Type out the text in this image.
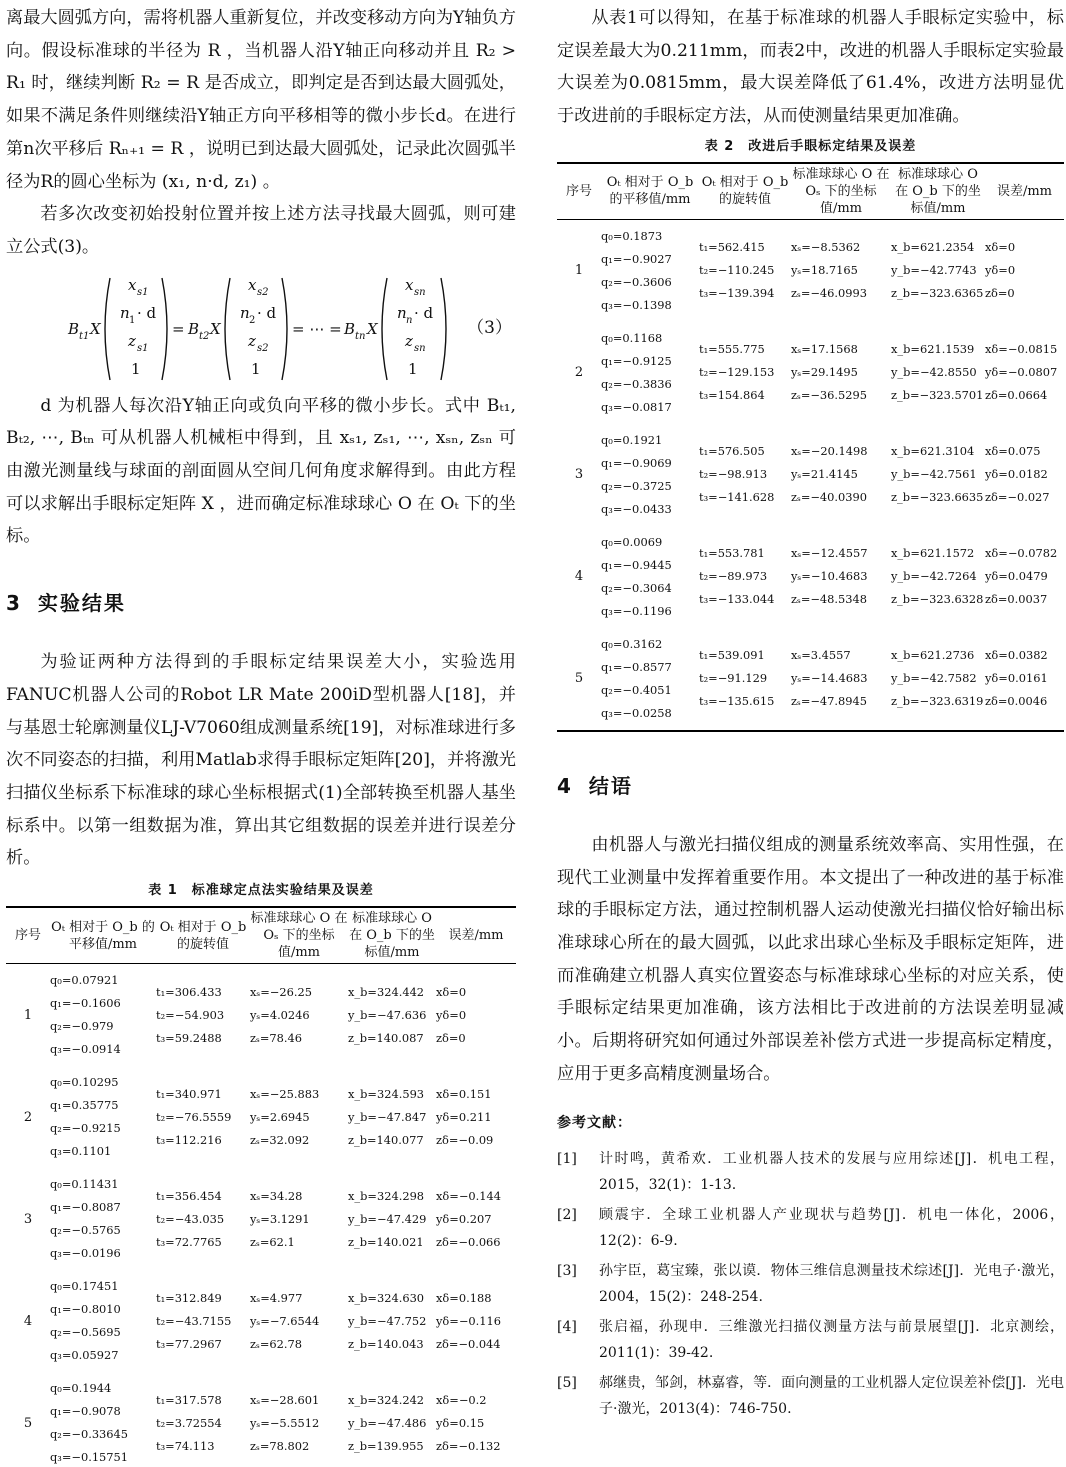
离最大圆弧方向，需将机器人重新复位，并改变移动方向为Y轴负方向。假设标准球的半径为 R ，当机器人沿Y轴正向移动并且 R₂ > R₁ 时，继续判断 R₂ = R 是否成立，即判定是否到达最大圆弧处，如果不满足条件则继续沿Y轴正方向平移相等的微小步长d。在进行第n次平移后 Rₙ₊₁ = R ，说明已到达最大圆弧处，记录此次圆弧半径为R的圆心坐标为 (x₁, n·d, z₁) 。

若多次改变初始投射位置并按上述方法寻找最大圆弧，则可建立公式(3)。

B t1 X
x s1
n 1 · d
z s1
1
= B t2 X
x s2
n 2 · d
z s2
1
= ⋯ = B tn X
x sn
n n · d
z sn
1
（3）

d 为机器人每次沿Y轴正向或负向平移的微小步长。式中 Bₜ₁, Bₜ₂, ⋯, Bₜₙ 可从机器人机械柜中得到，且 xₛ₁, zₛ₁, ⋯, xₛₙ, zₛₙ 可由激光测量线与球面的剖面圆从空间几何角度求解得到。由此方程可以求解出手眼标定矩阵 X ，进而确定标准球球心 O 在 Oₜ 下的坐标。

3 实验结果

为验证两种方法得到的手眼标定结果误差大小，实验选用FANUC机器人公司的Robot LR Mate 200iD型机器人[18]，并与基恩士轮廓测量仪LJ-V7060组成测量系统[19]，对标准球进行多次不同姿态的扫描，利用Matlab求得手眼标定矩阵[20]，并将激光扫描仪坐标系下标准球的球心坐标根据式(1)全部转换至机器人基坐标系中。以第一组数据为准，算出其它组数据的误差并进行误差分析。

表 1 标准球定点法实验结果及误差
序号	Oₜ 相对于 O_b 的平移值/mm	Oₜ 相对于 O_b 的旋转值	标准球球心 O 在 Oₛ 下的坐标值/mm	标准球球心 O 在 O_b 下的坐标值/mm	误差/mm
1	q₀=0.07921
q₁=−0.1606
q₂=−0.979
q₃=−0.0914	t₁=306.433
t₂=−54.903
t₃=59.2488	xₛ=−26.25
yₛ=4.0246
zₛ=78.46	x_b=324.442
y_b=−47.636
z_b=140.087	xδ=0
yδ=0
zδ=0

2	q₀=0.10295
q₁=0.35775
q₂=−0.9215
q₃=0.1101	t₁=340.971
t₂=−76.5559
t₃=112.216	xₛ=−25.883
yₛ=2.6945
zₛ=32.092	x_b=324.593
y_b=−47.847
z_b=140.077	xδ=0.151
yδ=0.211
zδ=−0.09

3	q₀=0.11431
q₁=−0.8087
q₂=−0.5765
q₃=−0.0196	t₁=356.454
t₂=−43.035
t₃=72.7765	xₛ=34.28
yₛ=3.1291
zₛ=62.1	x_b=324.298
y_b=−47.429
z_b=140.021	xδ=−0.144
yδ=0.207
zδ=−0.066

4	q₀=0.17451
q₁=−0.8010
q₂=−0.5695
q₃=0.05927	t₁=312.849
t₂=−43.7155
t₃=77.2967	xₛ=4.977
yₛ=−7.6544
zₛ=62.78	x_b=324.630
y_b=−47.752
z_b=140.043	xδ=0.188
yδ=−0.116
zδ=−0.044

5	q₀=0.1944
q₁=−0.9078
q₂=−0.33645
q₃=−0.15751	t₁=317.578
t₂=3.72554
t₃=74.113	xₛ=−28.601
yₛ=−5.5512
zₛ=78.802	x_b=324.242
y_b=−47.486
z_b=139.955	xδ=−0.2
yδ=0.15
zδ=−0.132

从表1可以得知，在基于标准球的机器人手眼标定实验中，标定误差最大为0.211mm，而表2中，改进的机器人手眼标定实验最大误差为0.0815mm，最大误差降低了61.4%，改进方法明显优于改进前的手眼标定方法，从而使测量结果更加准确。

表 2 改进后手眼标定结果及误差
序号	Oₜ 相对于 O_b 的平移值/mm	Oₜ 相对于 O_b 的旋转值	标准球球心 O 在 Oₛ 下的坐标值/mm	标准球球心 O 在 O_b 下的坐标值/mm	误差/mm
1	q₀=0.1873
q₁=−0.9027
q₂=−0.3606
q₃=−0.1398	t₁=562.415
t₂=−110.245
t₃=−139.394	xₛ=−8.5362
yₛ=18.7165
zₛ=−46.0993	x_b=621.2354
y_b=−42.7743
z_b=−323.6365	xδ=0
yδ=0
zδ=0

2	q₀=0.1168
q₁=−0.9125
q₂=−0.3836
q₃=−0.0817	t₁=555.775
t₂=−129.153
t₃=154.864	xₛ=17.1568
yₛ=29.1495
zₛ=−36.5295	x_b=621.1539
y_b=−42.8550
z_b=−323.5701	xδ=−0.0815
yδ=−0.0807
zδ=0.0664

3	q₀=0.1921
q₁=−0.9069
q₂=−0.3725
q₃=−0.0433	t₁=576.505
t₂=−98.913
t₃=−141.628	xₛ=−20.1498
yₛ=21.4145
zₛ=−40.0390	x_b=621.3104
y_b=−42.7561
z_b=−323.6635	xδ=0.075
yδ=0.0182
zδ=−0.027

4	q₀=0.0069
q₁=−0.9445
q₂=−0.3064
q₃=−0.1196	t₁=553.781
t₂=−89.973
t₃=−133.044	xₛ=−12.4557
yₛ=−10.4683
zₛ=−48.5348	x_b=621.1572
y_b=−42.7264
z_b=−323.6328	xδ=−0.0782
yδ=0.0479
zδ=0.0037

5	q₀=0.3162
q₁=−0.8577
q₂=−0.4051
q₃=−0.0258	t₁=539.091
t₂=−91.129
t₃=−135.615	xₛ=3.4557
yₛ=−14.4683
zₛ=−47.8945	x_b=621.2736
y_b=−42.7582
z_b=−323.6319	xδ=0.0382
yδ=0.0161
zδ=0.0046
4 结语

由机器人与激光扫描仪组成的测量系统效率高、实用性强，在现代工业测量中发挥着重要作用。本文提出了一种改进的基于标准球的手眼标定方法，通过控制机器人运动使激光扫描仪恰好输出标准球球心所在的最大圆弧，以此求出球心坐标及手眼标定矩阵，进而准确建立机器人真实位置姿态与标准球球心坐标的对应关系，使手眼标定结果更加准确，该方法相比于改进前的方法误差明显减小。后期将研究如何通过外部误差补偿方式进一步提高标定精度，应用于更多高精度测量场合。

参考文献：
[1] 计时鸣，黄希欢．工业机器人技术的发展与应用综述[J]．机电工程，2015，32(1)：1-13.
[2] 顾震宇．全球工业机器人产业现状与趋势[J]．机电一体化，2006，12(2)：6-9.
[3] 孙宇臣，葛宝臻，张以谟．物体三维信息测量技术综述[J]．光电子·激光，2004，15(2)：248-254.
[4] 张启福，孙现申．三维激光扫描仪测量方法与前景展望[J]．北京测绘，2011(1)：39-42.
[5] 郝继贵，邹剑，林嘉睿，等．面向测量的工业机器人定位误差补偿[J]．光电子·激光，2013(4)：746-750.
